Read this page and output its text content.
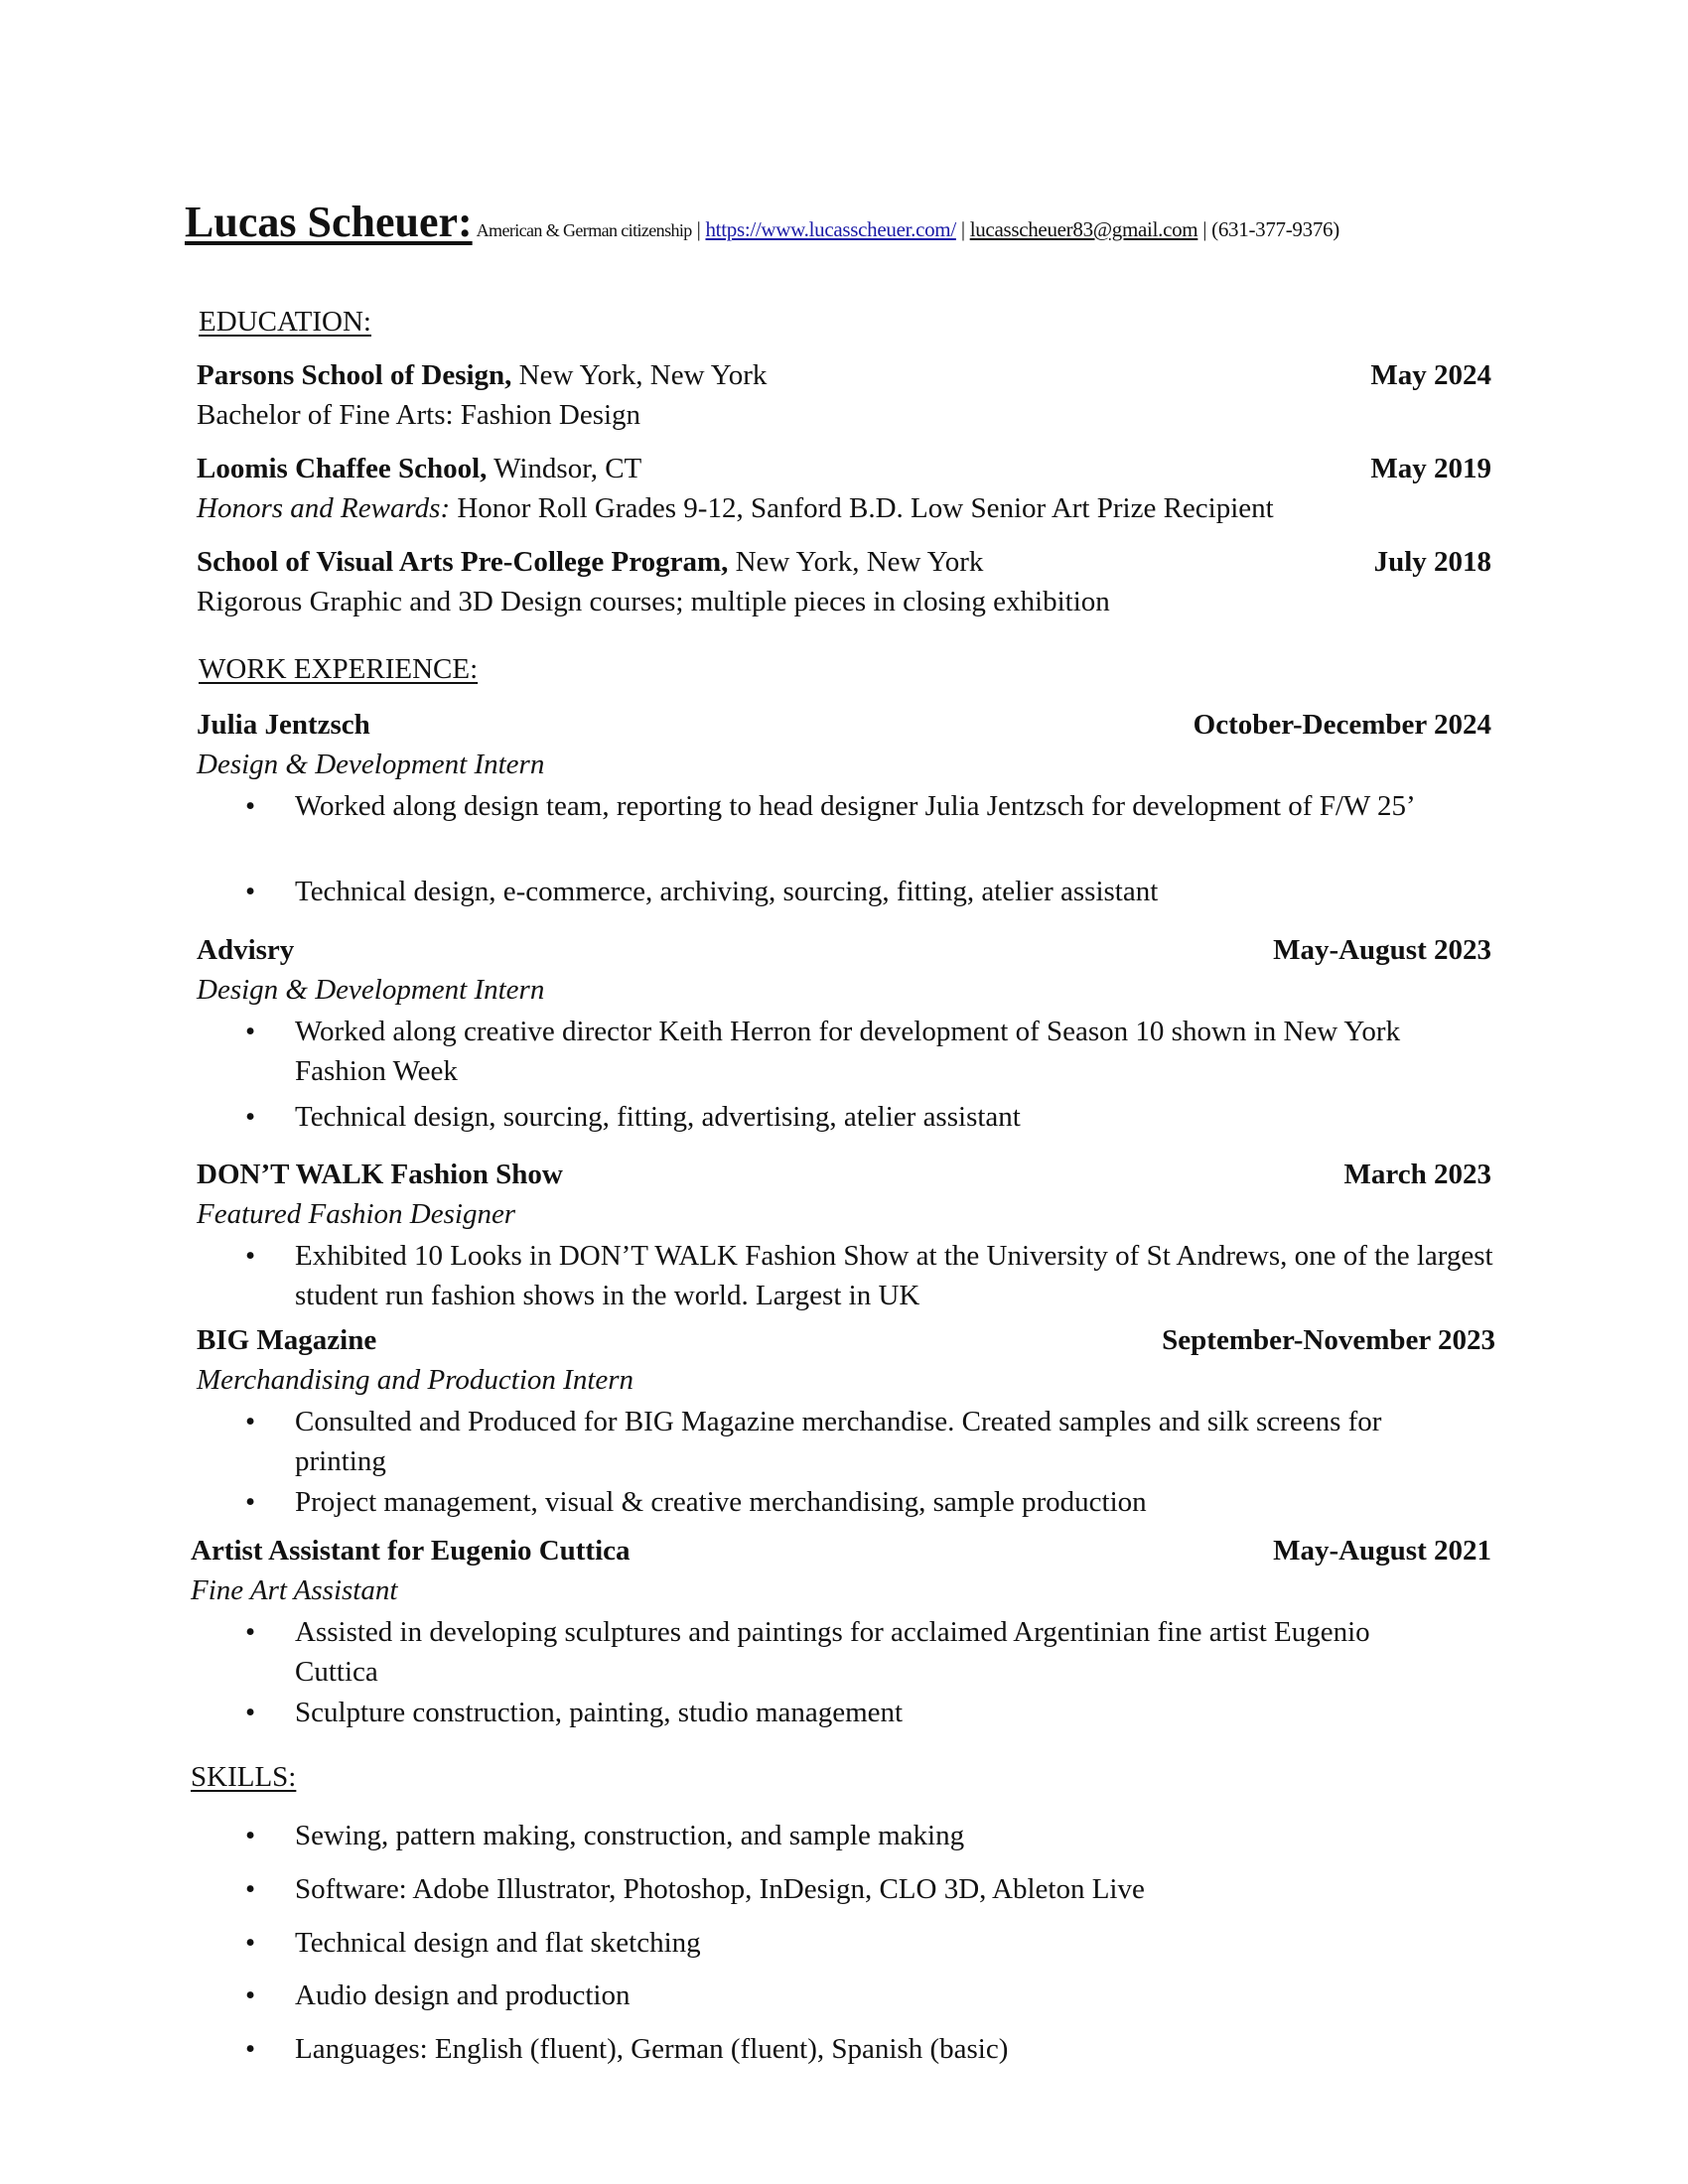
Lucas Scheuer: American & German citizenship | https://www.lucasscheuer.com/ | lucasscheuer83@gmail.com | (631-377-9376)
EDUCATION:
Parsons School of Design, New York, New York	May 2024
Bachelor of Fine Arts: Fashion Design
Loomis Chaffee School, Windsor, CT	May 2019
Honors and Rewards: Honor Roll Grades 9-12, Sanford B.D. Low Senior Art Prize Recipient
School of Visual Arts Pre-College Program, New York, New York	July 2018
Rigorous Graphic and 3D Design courses; multiple pieces in closing exhibition
WORK EXPERIENCE:
Julia Jentzsch	October-December 2024
Design & Development Intern
•	Worked along design team, reporting to head designer Julia Jentzsch for development of F/W 25’
•	Technical design, e-commerce, archiving, sourcing, fitting, atelier assistant
Advisry	May-August 2023
Design & Development Intern
•	Worked along creative director Keith Herron for development of Season 10 shown in New York Fashion Week
•	Technical design, sourcing, fitting, advertising, atelier assistant
DON’T WALK Fashion Show	March 2023
Featured Fashion Designer
•	Exhibited 10 Looks in DON’T WALK Fashion Show at the University of St Andrews, one of the largest student run fashion shows in the world. Largest in UK
BIG Magazine	September-November 2023
Merchandising and Production Intern
•	Consulted and Produced for BIG Magazine merchandise. Created samples and silk screens for printing
•	Project management, visual & creative merchandising, sample production
Artist Assistant for Eugenio Cuttica	May-August 2021
Fine Art Assistant
•	Assisted in developing sculptures and paintings for acclaimed Argentinian fine artist Eugenio Cuttica
•	Sculpture construction, painting, studio management
SKILLS:
•	Sewing, pattern making, construction, and sample making
•	Software: Adobe Illustrator, Photoshop, InDesign, CLO 3D, Ableton Live
•	Technical design and flat sketching
•	Audio design and production
•	Languages: English (fluent), German (fluent), Spanish (basic)
